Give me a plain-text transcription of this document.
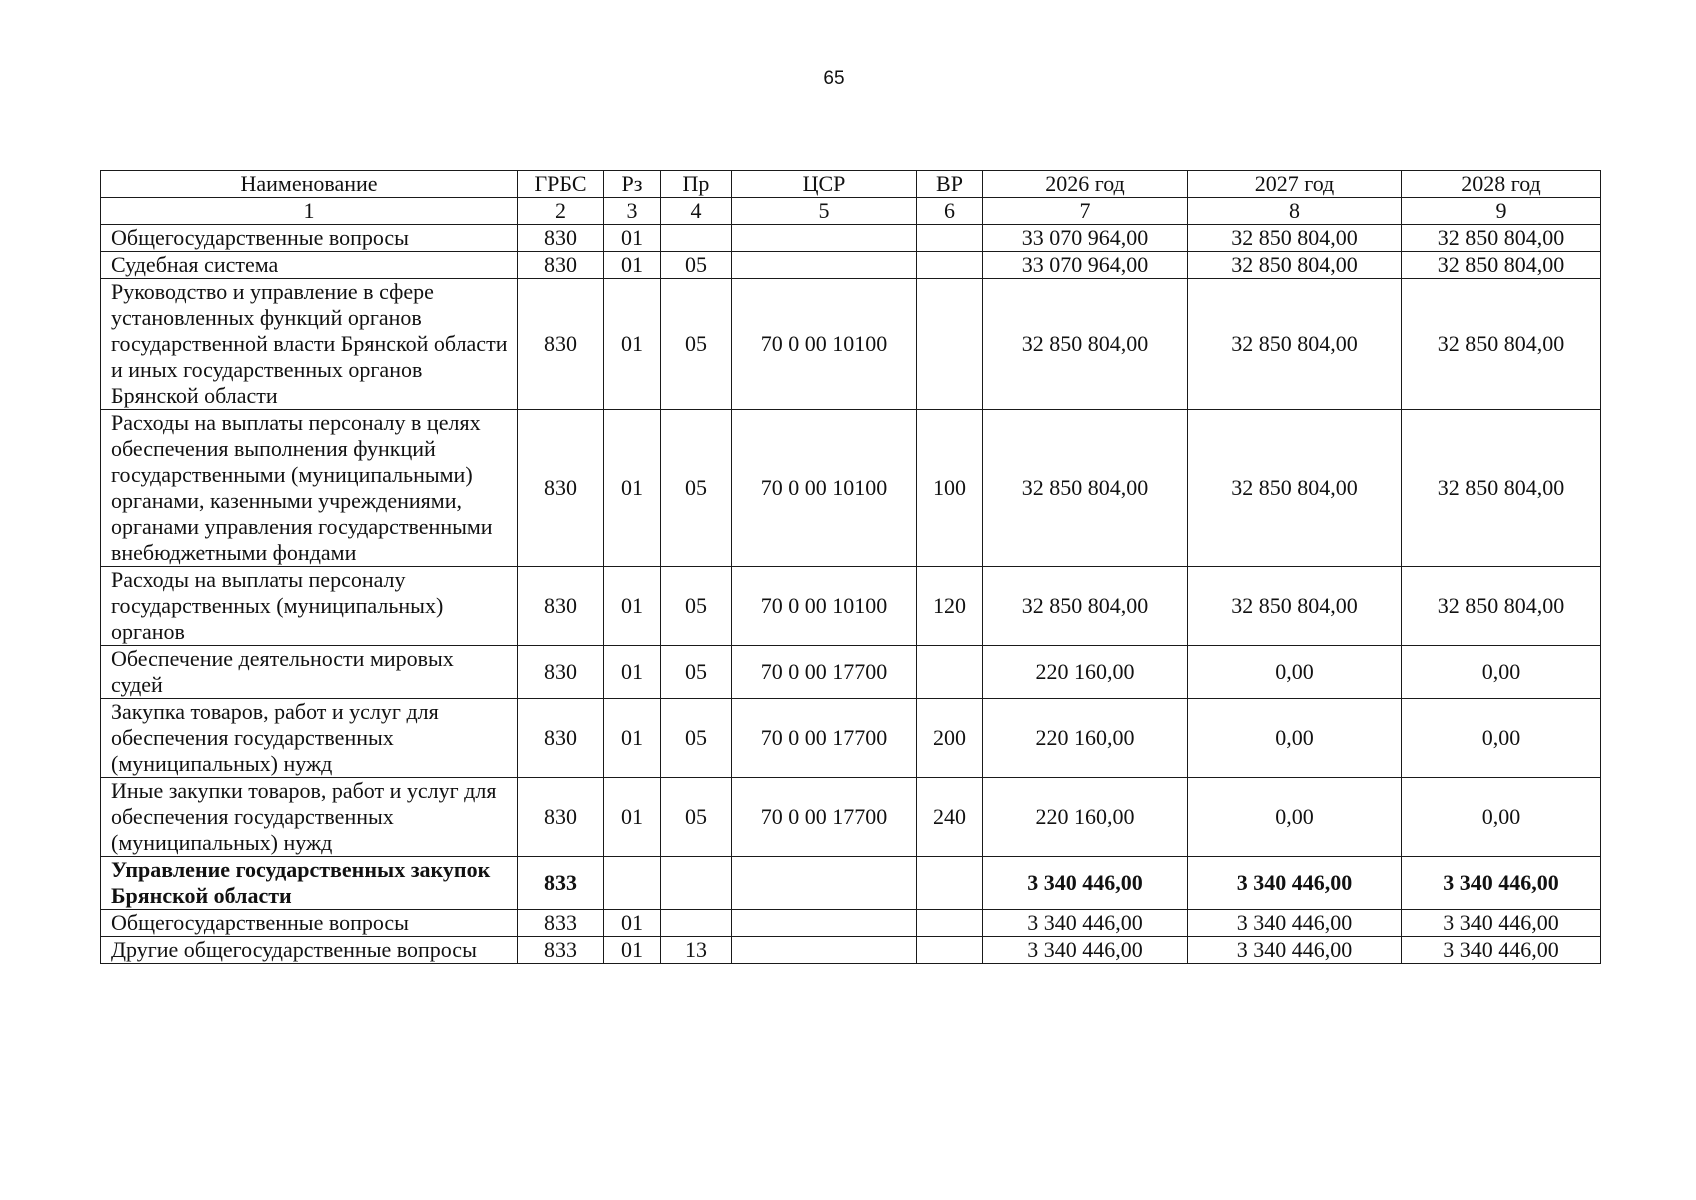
65
Наименование	ГРБС	Рз	Пр	ЦСР	ВР	2026 год	2027 год	2028 год
1	2	3	4	5	6	7	8	9
Общегосударственные вопросы	830	01				33 070 964,00	32 850 804,00	32 850 804,00
Судебная система	830	01	05			33 070 964,00	32 850 804,00	32 850 804,00
Руководство и управление в сфере установленных функций органов государственной власти Брянской области и иных государственных органов Брянской области	830	01	05	70 0 00 10100		32 850 804,00	32 850 804,00	32 850 804,00
Расходы на выплаты персоналу в целях обеспечения выполнения функций государственными (муниципальными) органами, казенными учреждениями, органами управления государственными внебюджетными фондами	830	01	05	70 0 00 10100	100	32 850 804,00	32 850 804,00	32 850 804,00
Расходы на выплаты персоналу государственных (муниципальных) органов	830	01	05	70 0 00 10100	120	32 850 804,00	32 850 804,00	32 850 804,00
Обеспечение деятельности мировых судей	830	01	05	70 0 00 17700		220 160,00	0,00	0,00
Закупка товаров, работ и услуг для обеспечения государственных (муниципальных) нужд	830	01	05	70 0 00 17700	200	220 160,00	0,00	0,00
Иные закупки товаров, работ и услуг для обеспечения государственных (муниципальных) нужд	830	01	05	70 0 00 17700	240	220 160,00	0,00	0,00
Управление государственных закупок Брянской области	833					3 340 446,00	3 340 446,00	3 340 446,00
Общегосударственные вопросы	833	01				3 340 446,00	3 340 446,00	3 340 446,00
Другие общегосударственные вопросы	833	01	13			3 340 446,00	3 340 446,00	3 340 446,00
